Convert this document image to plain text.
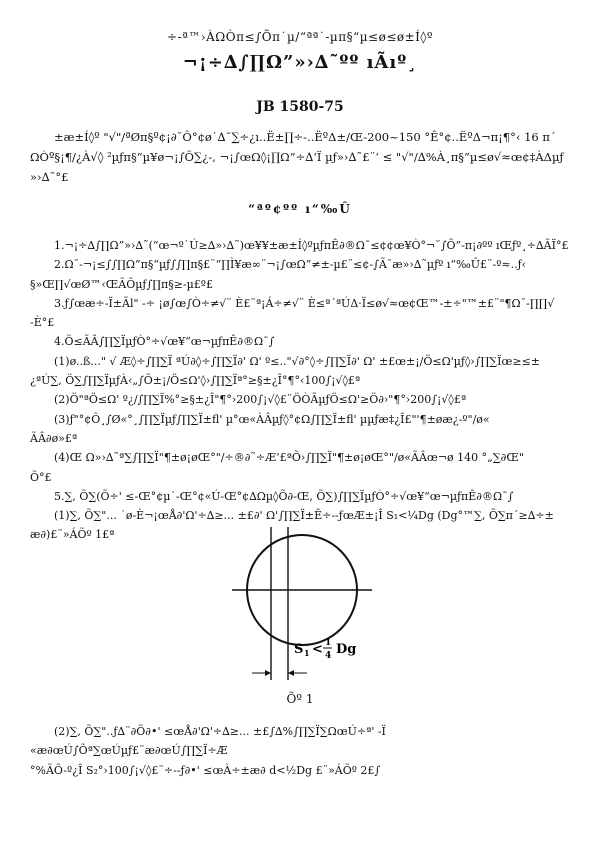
÷-ª™›ÀΩÒπ≤∫Õπ˙µ/“ªª˙-µπ§“µ≤ø≤ø±Í◊º
¬¡÷∆∫∏Ω”»›∆˜ºº ıÃıº¸
JB 1580-75

±æ±Í◊º "√"/ªØπ§º¢¡∂˘Ô°¢ø˙∆¯∑÷¿ı..Ë±∏÷-..ËºΔ±/Œ-200~150 °Ê°¢..ËºΔ¬π¡¶°‹ 16 π´

ΩÒº§¡¶/¿À√◊ ²µƒπ§“µ¥ø¬¡∫Õ∑¿-, ¬¡∫œΩ◊¡∏Ω”÷∆‘Ï µƒ»›∆˜£¨‘ ≤ "√"/∆%À¸π§“µ≤ø√≈œ¢‡ÀΔµƒ

»›∆˜°£

“ªº¢ºº ı“‰Û

1.¬¡÷∆∫∏Ω”»›∆˜(“œ¬º˙Ú≥∆»›∆˜)œ¥¥±æ±Í◊ºµƒπÊ∂®Ω¯≤¢¢œ¥Ò°¬˘∫Õ”-π¡∂ºº ıŒƒº¸÷∆ÃÏ°£

2.Ω˘-¬¡≤∫∫∏Ω”π§“µƒ∫∫∏π§£¨“∏Ì¥æ∞¨¬¡∫œΩ”≠±-µ£¨≤¢-∫Ã˘æ»›∆˜µƒº ı“‰Û£¨-º≈..ƒ‹

§»Œ∏√œØ™‹ŒÃÕµƒ∫∏π§≥-µ£º£

3.ƒ∫œæ÷-Ï±Ãl" -÷ ¡ø∫œ∫Ò÷≠√¨ È£¨ª¡Á÷≠√¨ È≤ª´ªÚΔ·Ï≤ø√≈œ¢Œ™-±÷"™±£¨"¶Ω˘-∏∏√

-È°£

4.Ö≤ÃÂ∫∏∑ÏµƒÒ°÷√œ¥“œ¬µƒπÊ∂®Ω¯∫

(1)ø..ß..." √ Æ◊÷∫∏∑Ï ªÚ∂◊÷∫∏∑Ï∂' Ω' º≤.."√∂°◊÷∫∏∑Ï∂' Ω' ±£œ±¡/Ö≤Ω'µƒ◊›∫∏∑Ïœ≥≤±

¿ªÚ∑, Ö∑∫∏∑ÏµƒÀ‹„∫Õ±¡/Ö≤Ω'◊›∫∏∑Ïª°≥§±¿Î°¶°‹100∫¡√◊£ª

(2)Ö"ªÖ≤Ω' º¿/∫∏∑Ï%°≥§±¿Î"¶°›200∫¡√◊£¨ÖÒÃµƒÖ≤Ω'≥Ö∂›"¶°›200∫¡√◊£ª

(3)ƒ"°¢Ô¸∫Ø«°¸∫∏∑Ïµƒ∫∏∑Ï±ﬂ' µ°œ«ÀÂµƒ◊°¢Ω∫∏∑Ï±ﬂ' µµƒæ‡¿Î£"'¶±øæ¿-º"/ø«

ÃÂ∂ø»£ª

(4)Œ Ω»›∆˜ª∑∫∏∑Ï"¶±ø¡øŒ°"/÷®∂˜÷Æ’£ªÕ›∫∏∑Ï"¶±ø¡øŒ°"/ø«ÃÂœ¬ø 140 °„∑∂Œ"

Õ°£

5.∑, Õ∑(Õ÷' ≤-Œ°¢µ˙-Œ°¢«Ú-Œ°¢∆Ωµ◊Õ∂-Œ, Õ∑)∫∏∑ÏµƒÒ°÷√œ¥“œ¬µƒπÊ∂®Ω¯∫

(1)∑, Õ∑"... ˙ø-È¬¡œÅ∂'Ω'÷∆≥... ±£∂' Ω'∫∏∑Ï±Ê÷--ƒœÆ±¡Î S₁<¼Dg (Dg°™∑, Õ∑π´≥∆÷±

æ∂)£¨»ÁÕº 1£ª

S 1 < 1
4 Dg
Õº 1

(2)∑, Õ∑"..ƒ∆¨∂Õ∂•' ≤œÅ∂'Ω'÷∆≥... ±£∫∆%∫∏∑Ï∑ΩœÚ÷ª' -Ï «æ∂œÚ∫Õª∑œÚµƒ£¨æ∂œÚ∫∏∑Ï÷Æ

°%ÃÕ-º¿Î S₂°›100∫¡√◊£¨÷--ƒ∂•' ≤œÀ÷±æ∂ d<½Dg £¨»ÁÕº 2£∫
